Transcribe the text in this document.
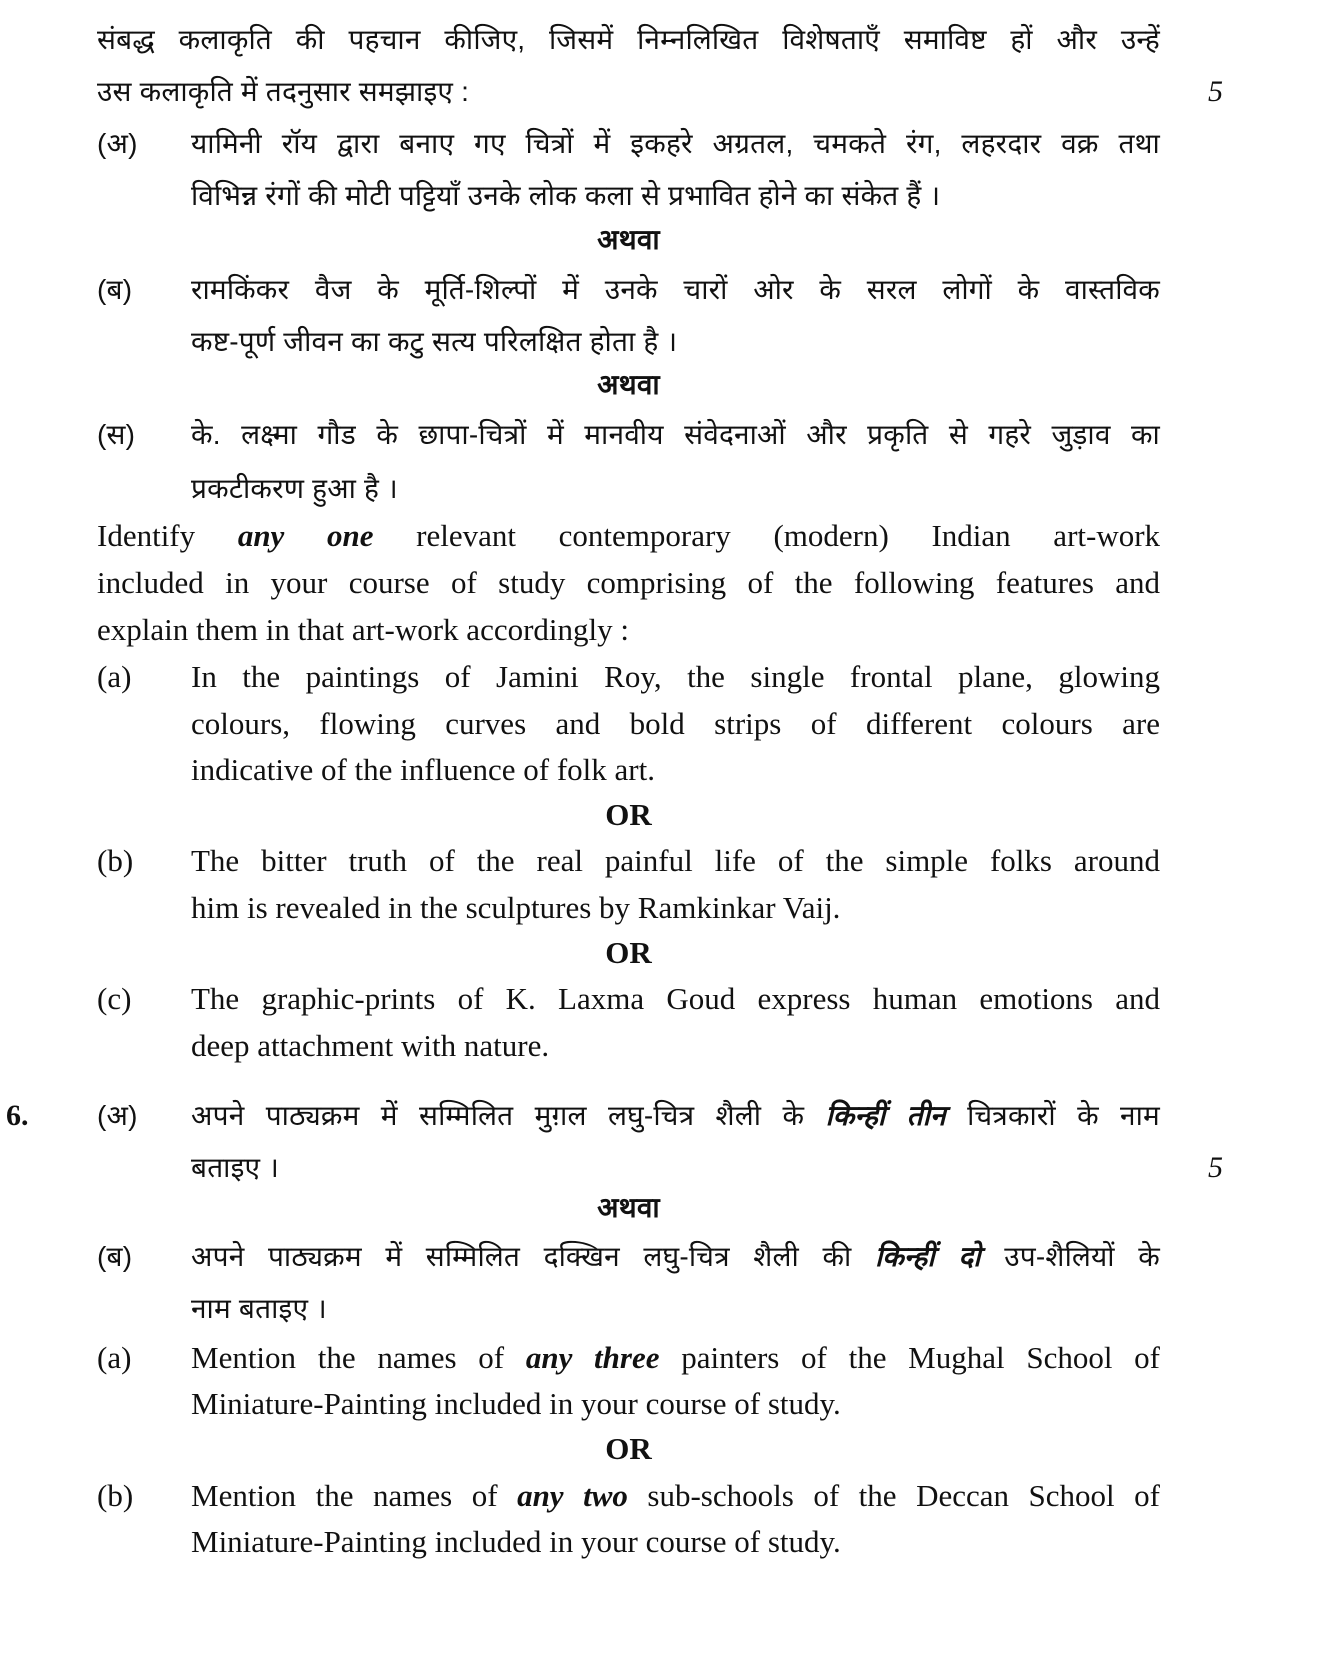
संबद्ध कलाकृति की पहचान कीजिए, जिसमें निम्नलिखित विशेषताएँ समाविष्ट हों और उन्हें
उस कलाकृति में तदनुसार समझाइए :	5
(अ) यामिनी रॉय द्वारा बनाए गए चित्रों में इकहरे अग्रतल, चमकते रंग, लहरदार वक्र तथा
विभिन्न रंगों की मोटी पट्टियाँ उनके लोक कला से प्रभावित होने का संकेत हैं ।
अथवा
(ब) रामकिंकर वैज के मूर्ति-शिल्पों में उनके चारों ओर के सरल लोगों के वास्तविक
कष्ट-पूर्ण जीवन का कटु सत्य परिलक्षित होता है ।
अथवा
(स) के. लक्ष्मा गौड के छापा-चित्रों में मानवीय संवेदनाओं और प्रकृति से गहरे जुड़ाव का
प्रकटीकरण हुआ है ।
Identify any one relevant contemporary (modern) Indian art-work
included in your course of study comprising of the following features and
explain them in that art-work accordingly :
(a) In the paintings of Jamini Roy, the single frontal plane, glowing
colours, flowing curves and bold strips of different colours are
indicative of the influence of folk art.
OR
(b) The bitter truth of the real painful life of the simple folks around
him is revealed in the sculptures by Ramkinkar Vaij.
OR
(c) The graphic-prints of K. Laxma Goud express human emotions and
deep attachment with nature.
6. (अ) अपने पाठ्यक्रम में सम्मिलित मुग़ल लघु-चित्र शैली के किन्हीं तीन चित्रकारों के नाम
बताइए ।	5
अथवा
(ब) अपने पाठ्यक्रम में सम्मिलित दक्खिन लघु-चित्र शैली की किन्हीं दो उप-शैलियों के
नाम बताइए ।
(a) Mention the names of any three painters of the Mughal School of
Miniature-Painting included in your course of study.
OR
(b) Mention the names of any two sub-schools of the Deccan School of
Miniature-Painting included in your course of study.
